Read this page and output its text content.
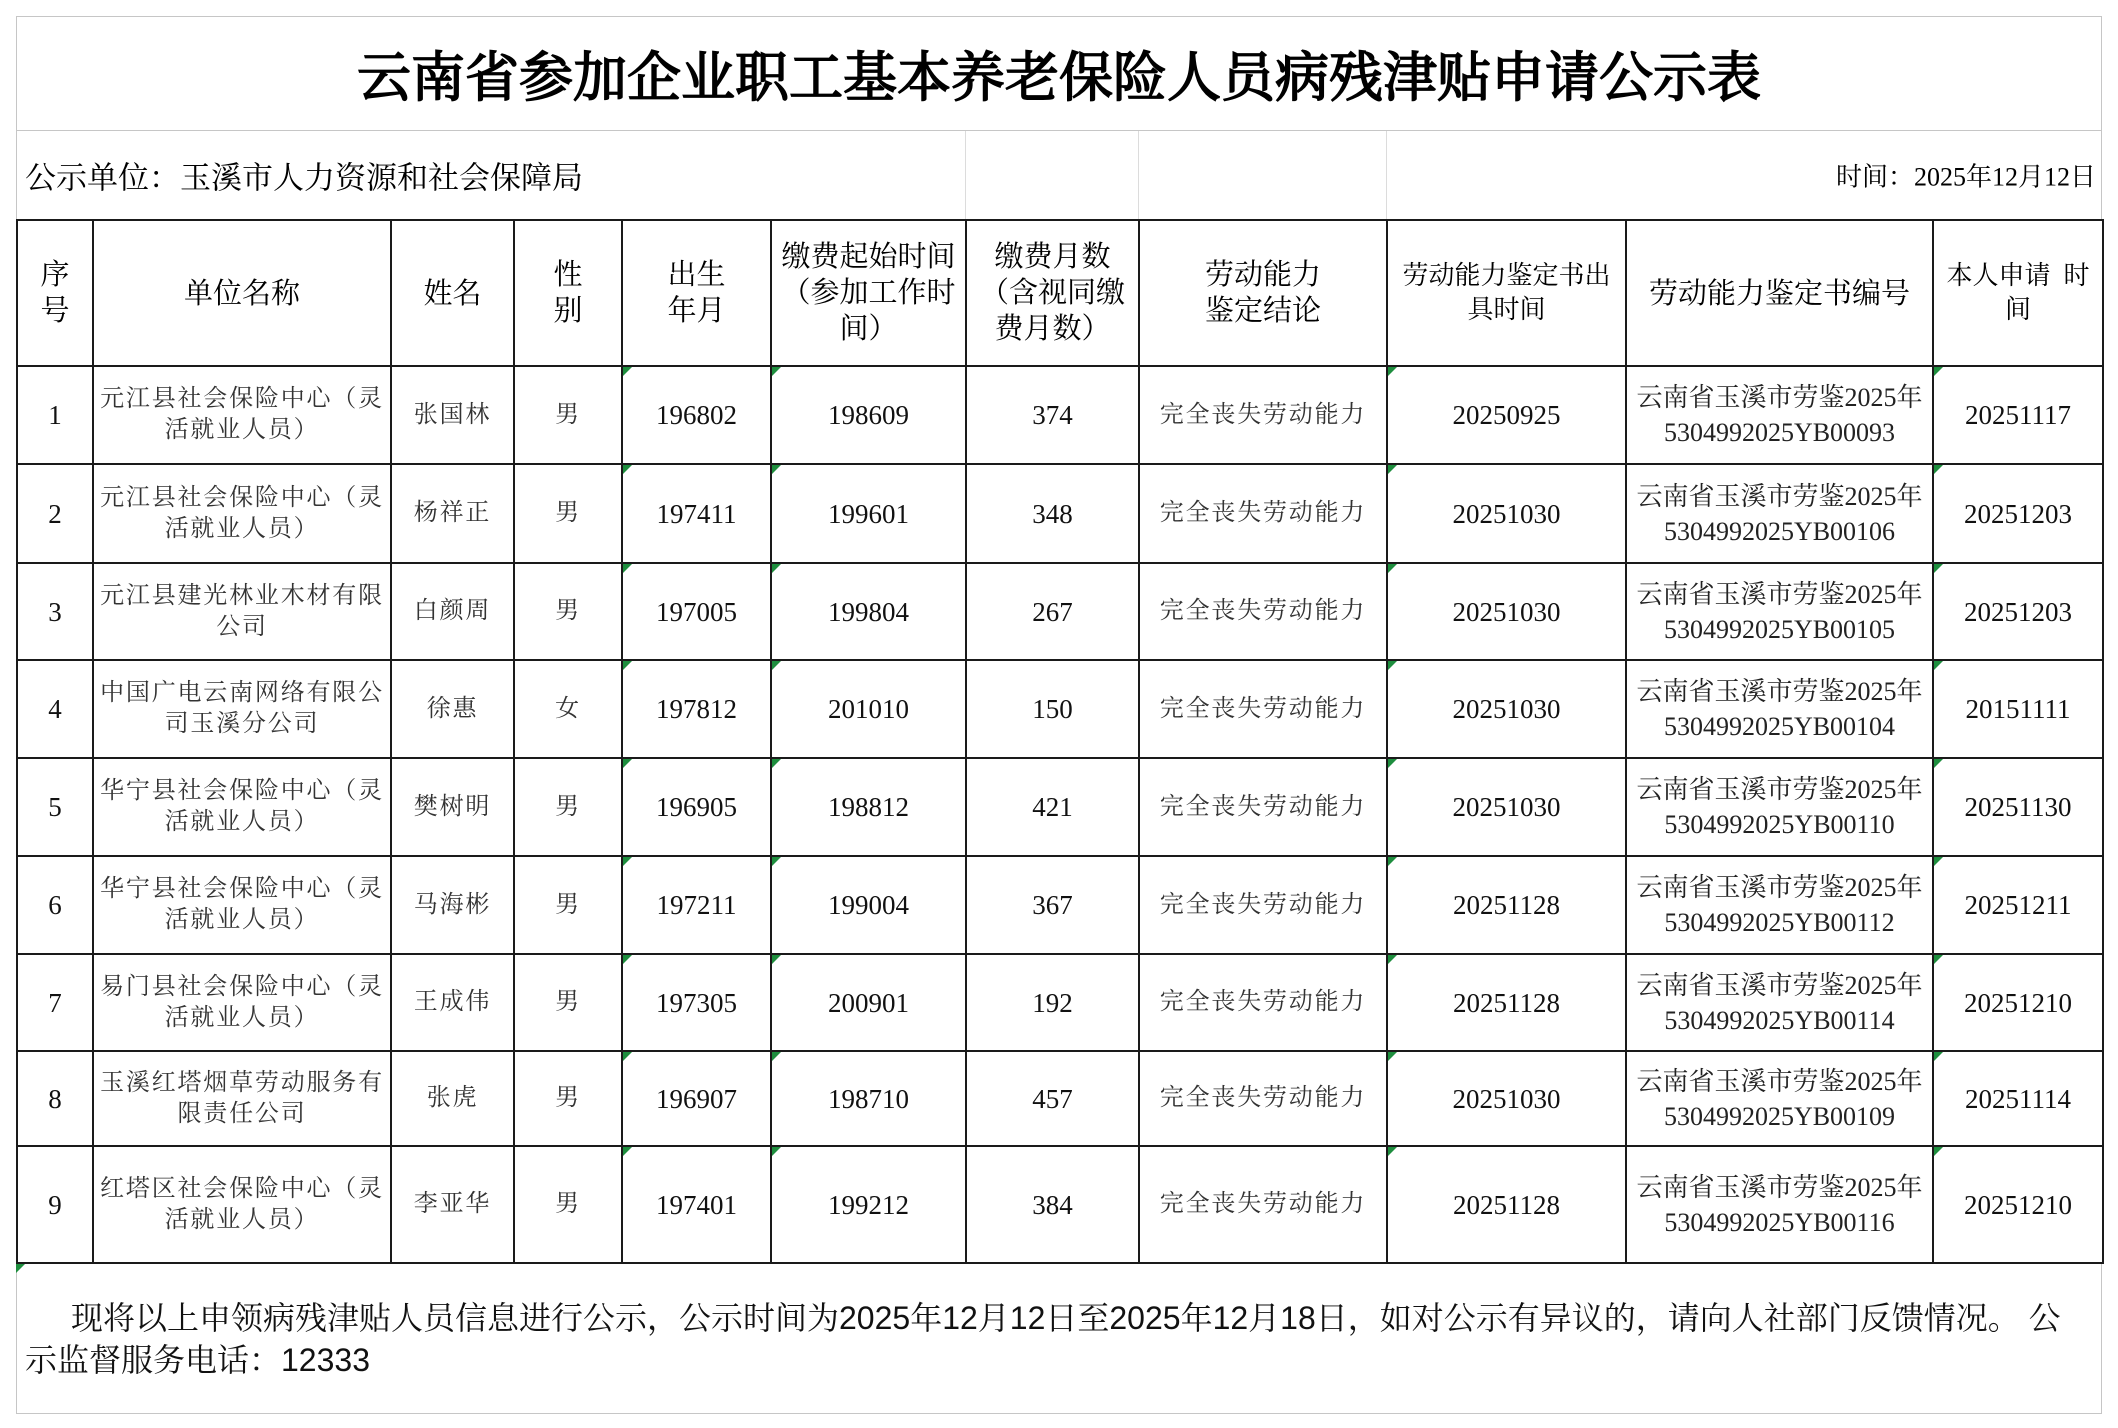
云南省参加企业职工基本养老保险人员病残津贴申请公示表
公示单位：玉溪市人力资源和社会保障局	时间：2025年12月12日
序号	单位名称	姓名	性别	出生年月	缴费起始时间（参加工作时间）	缴费月数（含视同缴费月数）	劳动能力鉴定结论	劳动能力鉴定书出具时间	劳动能力鉴定书编号	本人申请  时间
1	元江县社会保险中心（灵活就业人员）	张国林	男	196802	198609	374	完全丧失劳动能力	20250925	云南省玉溪市劳鉴2025年5304992025YB00093	20251117
2	元江县社会保险中心（灵活就业人员）	杨祥正	男	197411	199601	348	完全丧失劳动能力	20251030	云南省玉溪市劳鉴2025年5304992025YB00106	20251203
3	元江县建光林业木材有限公司	白颜周	男	197005	199804	267	完全丧失劳动能力	20251030	云南省玉溪市劳鉴2025年5304992025YB00105	20251203
4	中国广电云南网络有限公司玉溪分公司	徐惠	女	197812	201010	150	完全丧失劳动能力	20251030	云南省玉溪市劳鉴2025年5304992025YB00104	20151111
5	华宁县社会保险中心（灵活就业人员）	樊树明	男	196905	198812	421	完全丧失劳动能力	20251030	云南省玉溪市劳鉴2025年5304992025YB00110	20251130
6	华宁县社会保险中心（灵活就业人员）	马海彬	男	197211	199004	367	完全丧失劳动能力	20251128	云南省玉溪市劳鉴2025年5304992025YB00112	20251211
7	易门县社会保险中心（灵活就业人员）	王成伟	男	197305	200901	192	完全丧失劳动能力	20251128	云南省玉溪市劳鉴2025年5304992025YB00114	20251210
8	玉溪红塔烟草劳动服务有限责任公司	张虎	男	196907	198710	457	完全丧失劳动能力	20251030	云南省玉溪市劳鉴2025年5304992025YB00109	20251114
9	红塔区社会保险中心（灵活就业人员）	李亚华	男	197401	199212	384	完全丧失劳动能力	20251128	云南省玉溪市劳鉴2025年5304992025YB00116	20251210

现将以上申领病残津贴人员信息进行公示，公示时间为2025年12月12日至2025年12月18日，如对公示有异议的，请向人社部门反馈情况。 公示监督服务电话：12333
